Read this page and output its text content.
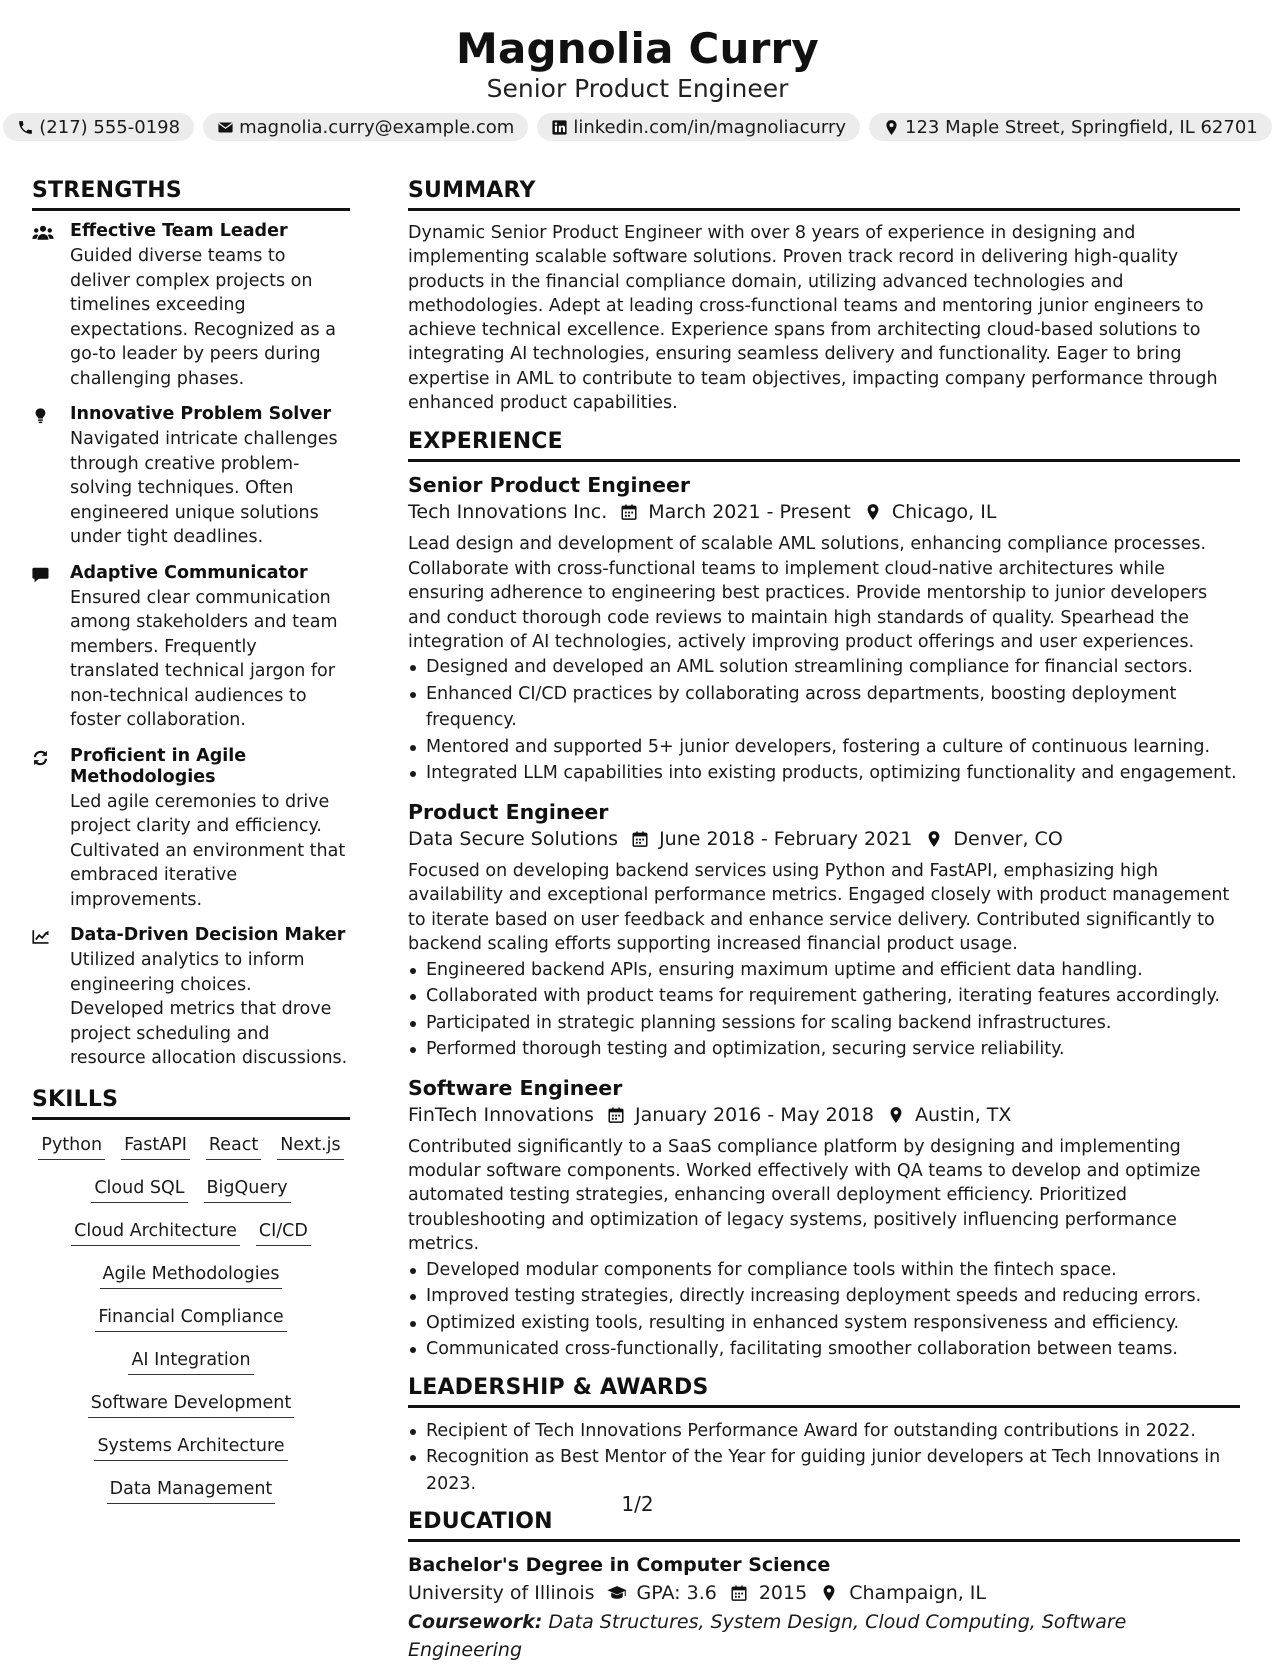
Magnolia Curry
Senior Product Engineer
(217) 555-0198	magnolia.curry@example.com	linkedin.com/in/magnoliacurry	123 Maple Street, Springfield, IL 62701
STRENGTHS
Effective Team Leader
Guided diverse teams to deliver complex projects on timelines exceeding expectations. Recognized as a go-to leader by peers during challenging phases.
Innovative Problem Solver
Navigated intricate challenges through creative problem-solving techniques. Often engineered unique solutions under tight deadlines.
Adaptive Communicator
Ensured clear communication among stakeholders and team members. Frequently translated technical jargon for non-technical audiences to foster collaboration.
Proficient in Agile Methodologies
Led agile ceremonies to drive project clarity and efficiency. Cultivated an environment that embraced iterative improvements.
Data-Driven Decision Maker
Utilized analytics to inform engineering choices. Developed metrics that drove project scheduling and resource allocation discussions.
SKILLS
Python FastAPI React Next.js
Cloud SQL BigQuery
Cloud Architecture CI/CD
Agile Methodologies
Financial Compliance
AI Integration
Software Development
Systems Architecture
Data Management
SUMMARY
Dynamic Senior Product Engineer with over 8 years of experience in designing and implementing scalable software solutions. Proven track record in delivering high-quality products in the financial compliance domain, utilizing advanced technologies and methodologies. Adept at leading cross-functional teams and mentoring junior engineers to achieve technical excellence. Experience spans from architecting cloud-based solutions to integrating AI technologies, ensuring seamless delivery and functionality. Eager to bring expertise in AML to contribute to team objectives, impacting company performance through enhanced product capabilities.
EXPERIENCE
Senior Product Engineer
Tech Innovations Inc. March 2021 - Present Chicago, IL
Lead design and development of scalable AML solutions, enhancing compliance processes. Collaborate with cross-functional teams to implement cloud-native architectures while ensuring adherence to engineering best practices. Provide mentorship to junior developers and conduct thorough code reviews to maintain high standards of quality. Spearhead the integration of AI technologies, actively improving product offerings and user experiences.
Designed and developed an AML solution streamlining compliance for financial sectors.
Enhanced CI/CD practices by collaborating across departments, boosting deployment frequency.
Mentored and supported 5+ junior developers, fostering a culture of continuous learning.
Integrated LLM capabilities into existing products, optimizing functionality and engagement.
Product Engineer
Data Secure Solutions June 2018 - February 2021 Denver, CO
Focused on developing backend services using Python and FastAPI, emphasizing high availability and exceptional performance metrics. Engaged closely with product management to iterate based on user feedback and enhance service delivery. Contributed significantly to backend scaling efforts supporting increased financial product usage.
Engineered backend APIs, ensuring maximum uptime and efficient data handling.
Collaborated with product teams for requirement gathering, iterating features accordingly.
Participated in strategic planning sessions for scaling backend infrastructures.
Performed thorough testing and optimization, securing service reliability.
Software Engineer
FinTech Innovations January 2016 - May 2018 Austin, TX
Contributed significantly to a SaaS compliance platform by designing and implementing modular software components. Worked effectively with QA teams to develop and optimize automated testing strategies, enhancing overall deployment efficiency. Prioritized troubleshooting and optimization of legacy systems, positively influencing performance metrics.
Developed modular components for compliance tools within the fintech space.
Improved testing strategies, directly increasing deployment speeds and reducing errors.
Optimized existing tools, resulting in enhanced system responsiveness and efficiency.
Communicated cross-functionally, facilitating smoother collaboration between teams.
LEADERSHIP & AWARDS
Recipient of Tech Innovations Performance Award for outstanding contributions in 2022.
Recognition as Best Mentor of the Year for guiding junior developers at Tech Innovations in 2023.
EDUCATION
Bachelor's Degree in Computer Science
University of Illinois GPA: 3.6 2015 Champaign, IL
Coursework: Data Structures, System Design, Cloud Computing, Software Engineering
1/2
